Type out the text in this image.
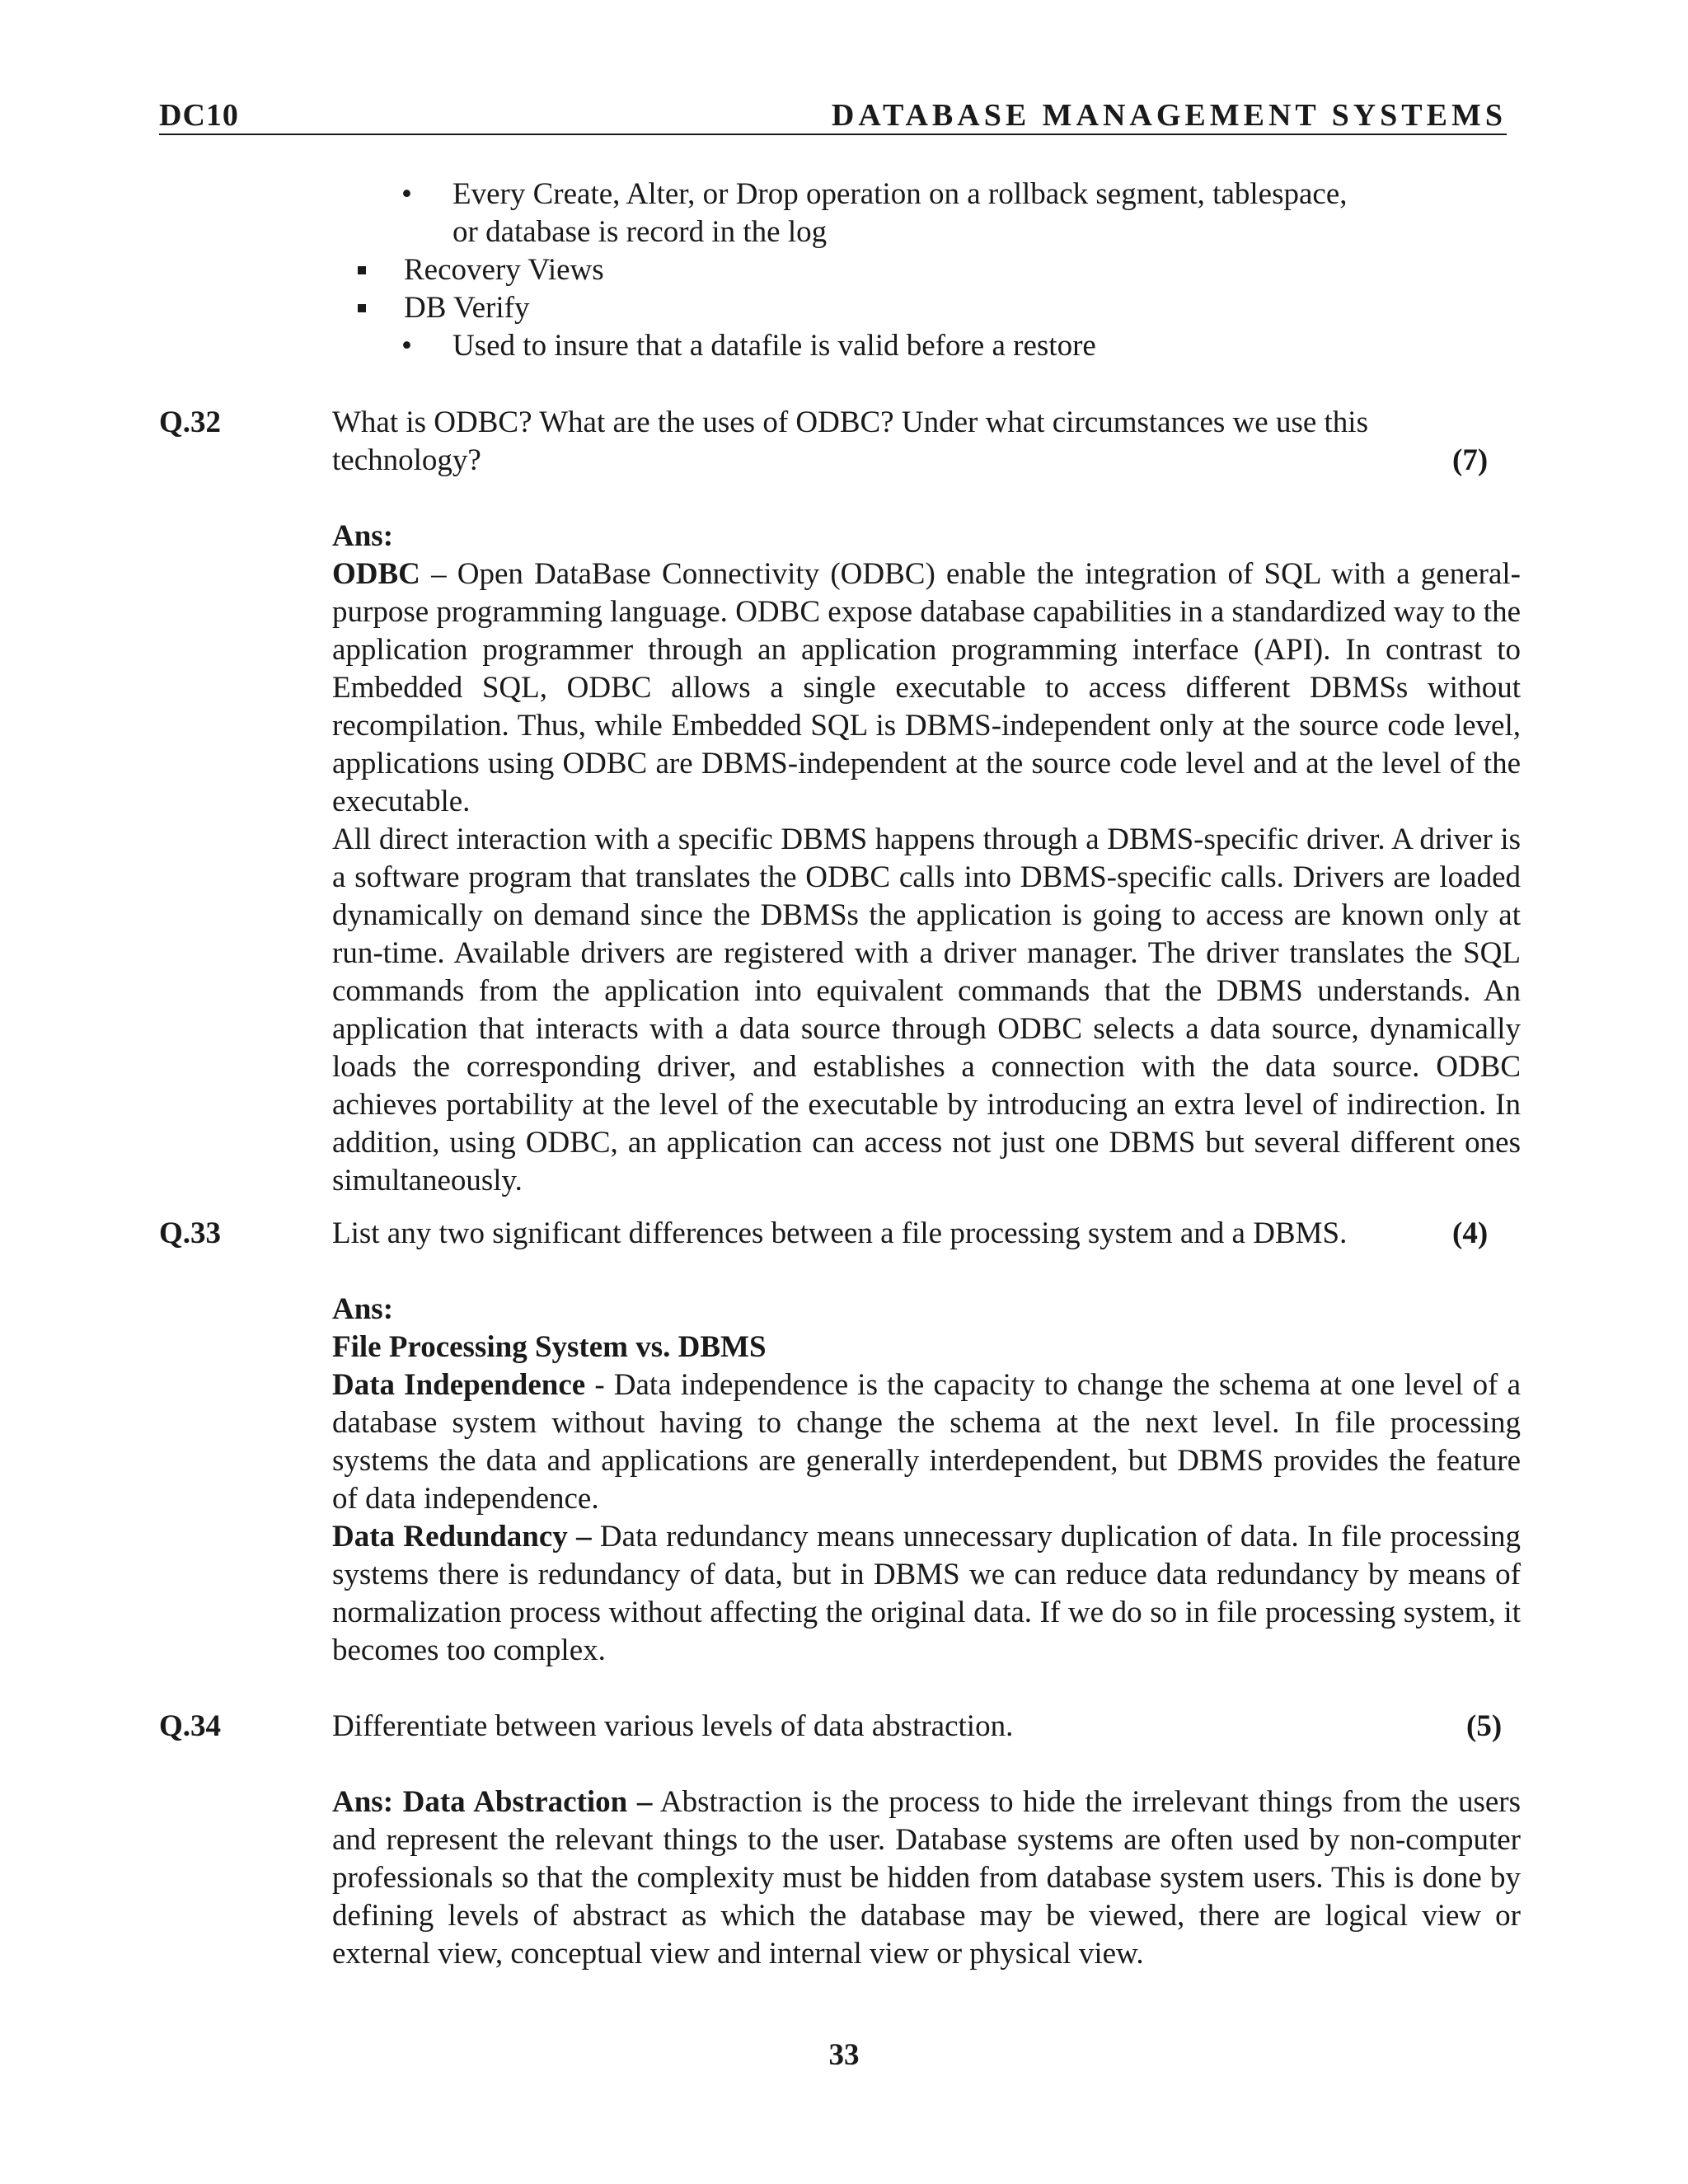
DC10	DATABASE MANAGEMENT SYSTEMS
• Every Create, Alter, or Drop operation on a rollback segment, tablespace,
or database is record in the log
Recovery Views
DB Verify
• Used to insure that a datafile is valid before a restore
Q.32	What is ODBC? What are the uses of ODBC? Under what circumstances we use this
technology?	(7)
Ans:

ODBC – Open DataBase Connectivity (ODBC) enable the integration of SQL with a general-purpose programming language. ODBC expose database capabilities in a standardized way to the application programmer through an application programming interface (API). In contrast to Embedded SQL, ODBC allows a single executable to access different DBMSs without recompilation. Thus, while Embedded SQL is DBMS-independent only at the source code level, applications using ODBC are DBMS-independent at the source code level and at the level of the executable.

All direct interaction with a specific DBMS happens through a DBMS-specific driver. A driver is a software program that translates the ODBC calls into DBMS-specific calls. Drivers are loaded dynamically on demand since the DBMSs the application is going to access are known only at run-time. Available drivers are registered with a driver manager. The driver translates the SQL commands from the application into equivalent commands that the DBMS understands. An application that interacts with a data source through ODBC selects a data source, dynamically loads the corresponding driver, and establishes a connection with the data source. ODBC achieves portability at the level of the executable by introducing an extra level of indirection. In addition, using ODBC, an application can access not just one DBMS but several different ones simultaneously.

Q.33	List any two significant differences between a file processing system and a DBMS.	(4)
Ans:
File Processing System vs. DBMS

Data Independence - Data independence is the capacity to change the schema at one level of a database system without having to change the schema at the next level. In file processing systems the data and applications are generally interdependent, but DBMS provides the feature of data independence.

Data Redundancy – Data redundancy means unnecessary duplication of data. In file processing systems there is redundancy of data, but in DBMS we can reduce data redundancy by means of normalization process without affecting the original data. If we do so in file processing system, it becomes too complex.

Q.34	Differentiate between various levels of data abstraction.	(5)

Ans: Data Abstraction – Abstraction is the process to hide the irrelevant things from the users and represent the relevant things to the user. Database systems are often used by non-computer professionals so that the complexity must be hidden from database system users. This is done by defining levels of abstract as which the database may be viewed, there are logical view or external view, conceptual view and internal view or physical view.

33
